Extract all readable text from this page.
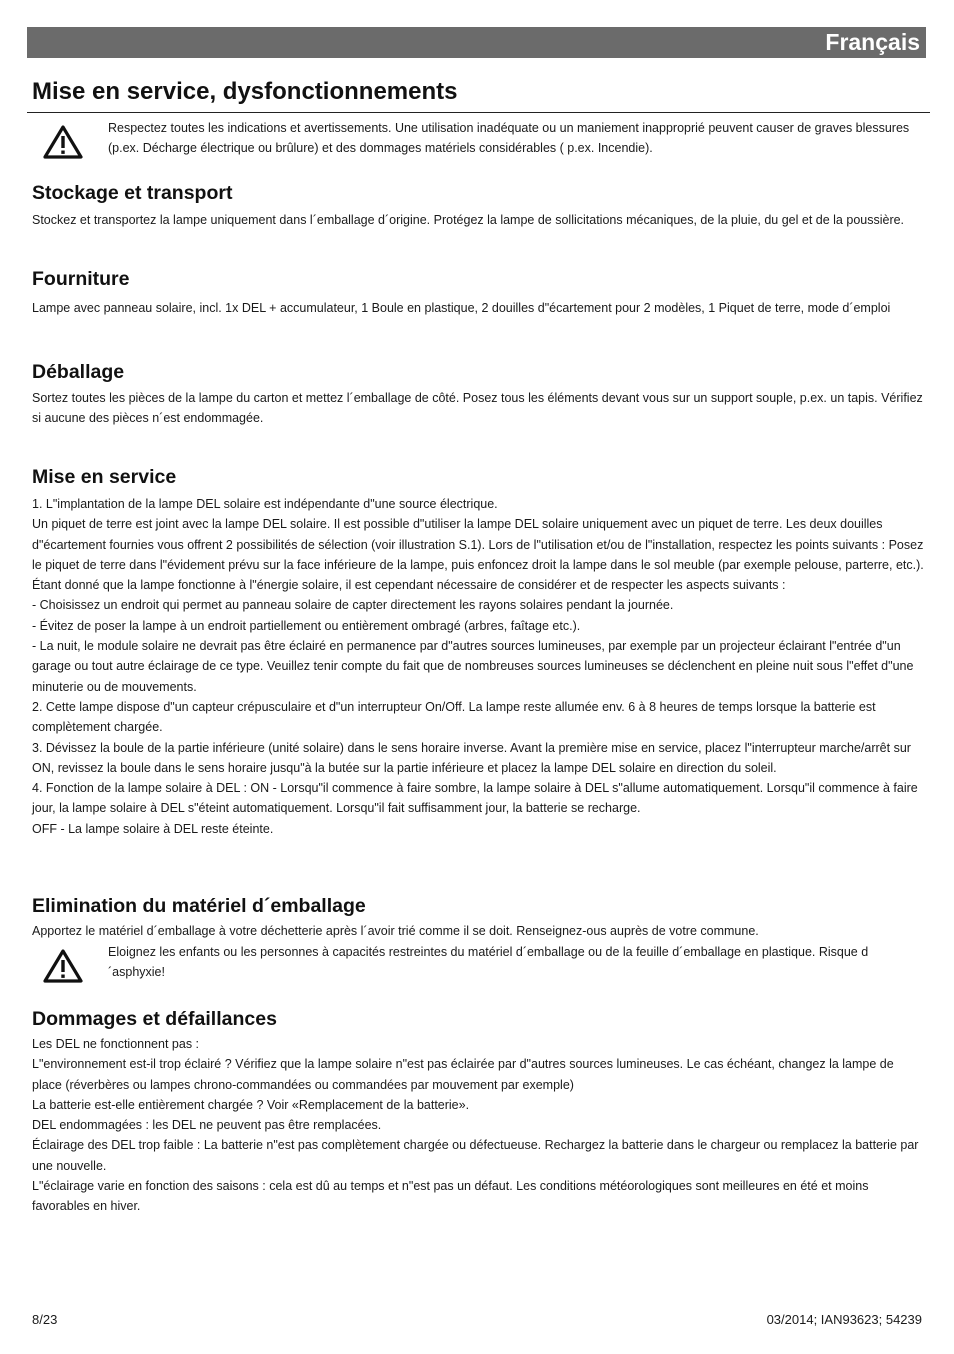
Français
Mise en service, dysfonctionnements

Respectez toutes les indications et avertissements. Une utilisation inadéquate ou un maniement inapproprié peuvent causer de graves blessures (p.ex. Décharge électrique ou brûlure) et des dommages matériels considérables ( p.ex. Incendie).

Stockage et transport

Stockez et transportez la lampe uniquement dans l´emballage d´origine. Protégez la lampe de sollicitations mécaniques, de la pluie, du gel et de la poussière.

Fourniture

Lampe avec panneau solaire, incl. 1x DEL + accumulateur, 1 Boule en plastique, 2 douilles d"écartement pour 2 modèles, 1 Piquet de terre, mode d´emploi

Déballage

Sortez toutes les pièces de la lampe du carton et mettez l´emballage de côté. Posez tous les éléments devant vous sur un support souple, p.ex. un tapis. Vérifiez si aucune des pièces n´est endommagée.

Mise en service
1. L"implantation de la lampe DEL solaire est indépendante d"une source électrique.
Un piquet de terre est joint avec la lampe DEL solaire. Il est possible d"utiliser la lampe DEL solaire uniquement avec un piquet de terre. Les deux douilles d"écartement fournies vous offrent 2 possibilités de sélection (voir illustration S.1). Lors de l"utilisation et/ou de l"installation, respectez les points suivants : Posez le piquet de terre dans l"évidement prévu sur la face inférieure de la lampe, puis enfoncez droit la lampe dans le sol meuble (par exemple pelouse, parterre, etc.).
Étant donné que la lampe fonctionne à l"énergie solaire, il est cependant nécessaire de considérer et de respecter les aspects suivants :
- Choisissez un endroit qui permet au panneau solaire de capter directement les rayons solaires pendant la journée.
- Évitez de poser la lampe à un endroit partiellement ou entièrement ombragé (arbres, faîtage etc.).
- La nuit, le module solaire ne devrait pas être éclairé en permanence par d"autres sources lumineuses, par exemple par un projecteur éclairant l"entrée d"un garage ou tout autre éclairage de ce type. Veuillez tenir compte du fait que de nombreuses sources lumineuses se déclenchent en pleine nuit sous l"effet d"une minuterie ou de mouvements.
2. Cette lampe dispose d"un capteur crépusculaire et d"un interrupteur On/Off. La lampe reste allumée env. 6 à 8 heures de temps lorsque la batterie est complètement chargée.
3. Dévissez la boule de la partie inférieure (unité solaire) dans le sens horaire inverse. Avant la première mise en service, placez l"interrupteur marche/arrêt sur ON, revissez la boule dans le sens horaire jusqu"à la butée sur la partie inférieure et placez la lampe DEL solaire en direction du soleil.
4. Fonction de la lampe solaire à DEL : ON - Lorsqu"il commence à faire sombre, la lampe solaire à DEL s"allume automatiquement. Lorsqu"il commence à faire jour, la lampe solaire à DEL s"éteint automatiquement. Lorsqu"il fait suffisamment jour, la batterie se recharge.
OFF - La lampe solaire à DEL reste éteinte.
Elimination du matériel d´emballage

Apportez le matériel d´emballage à votre déchetterie après l´avoir trié comme il se doit. Renseignez-ous auprès de votre commune.

Eloignez les enfants ou les personnes à capacités restreintes du matériel d´emballage ou de la feuille d´emballage en plastique. Risque d´asphyxie!

Dommages et défaillances
Les DEL ne fonctionnent pas :
L"environnement est-il trop éclairé ? Vérifiez que la lampe solaire n"est pas éclairée par d"autres sources lumineuses. Le cas échéant, changez la lampe de place (réverbères ou lampes chrono-commandées ou commandées par mouvement par exemple)
La batterie est-elle entièrement chargée ? Voir «Remplacement de la batterie».
DEL endommagées : les DEL ne peuvent pas être remplacées.
Éclairage des DEL trop faible : La batterie n"est pas complètement chargée ou défectueuse. Rechargez la batterie dans le chargeur ou remplacez la batterie par une nouvelle.
L"éclairage varie en fonction des saisons : cela est dû au temps et n"est pas un défaut. Les conditions météorologiques sont meilleures en été et moins favorables en hiver.
8/23	03/2014; IAN93623; 54239
